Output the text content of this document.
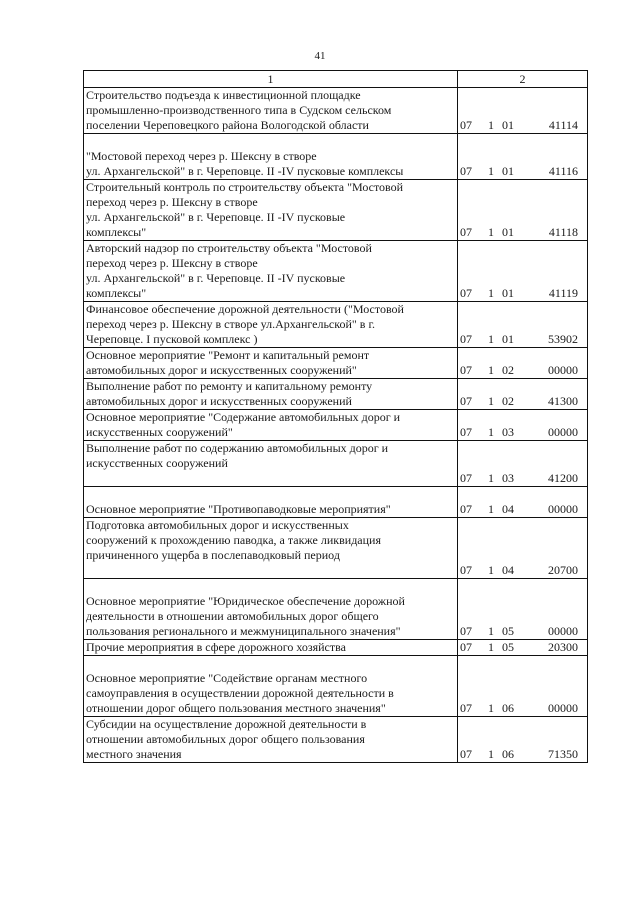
41
1	2

Строительство подъезда к инвестиционной площадке
промышленно-производственного типа в Судском сельском
поселении Череповецкого района Вологодской области	07 1 01 41114

"Мостовой переход через р. Шексну в створе
ул. Архангельской" в г. Череповце. II -IV пусковые комплексы	07 1 01 41116

Строительный контроль по строительству объекта "Мостовой
переход через р. Шексну в створе
ул. Архангельской" в г. Череповце. II -IV пусковые
комплексы"	07 1 01 41118

Авторский надзор по строительству объекта "Мостовой
переход через р. Шексну в створе
ул. Архангельской" в г. Череповце. II -IV пусковые
комплексы"	07 1 01 41119

Финансовое обеспечение дорожной деятельности ("Мостовой
переход через р. Шексну в створе ул.Архангельской" в г.
Череповце. I пусковой комплекс )	07 1 01 53902

Основное мероприятие "Ремонт и капитальный ремонт
автомобильных дорог и искусственных сооружений"	07 1 02 00000

Выполнение работ по ремонту и капитальному ремонту
автомобильных дорог и искусственных сооружений	07 1 02 41300

Основное мероприятие "Содержание автомобильных дорог и
искусственных сооружений"	07 1 03 00000

Выполнение работ по содержанию автомобильных дорог и
искусственных сооружений	07 1 03 41200

Основное мероприятие "Противопаводковые мероприятия"	07 1 04 00000

Подготовка автомобильных дорог и искусственных
сооружений к прохождению паводка, а также ликвидация
причиненного ущерба в послепаводковый период	07 1 04 20700

Основное мероприятие "Юридическое обеспечение дорожной
деятельности в отношении автомобильных дорог общего
пользования регионального и межмуниципального значения"	07 1 05 00000

Прочие мероприятия в сфере дорожного хозяйства	07 1 05 20300

Основное мероприятие "Содействие органам местного
самоуправления в осуществлении дорожной деятельности в
отношении дорог общего пользования местного значения"	07 1 06 00000

Субсидии на осуществление дорожной деятельности в
отношении автомобильных дорог общего пользования
местного значения	07 1 06 71350
